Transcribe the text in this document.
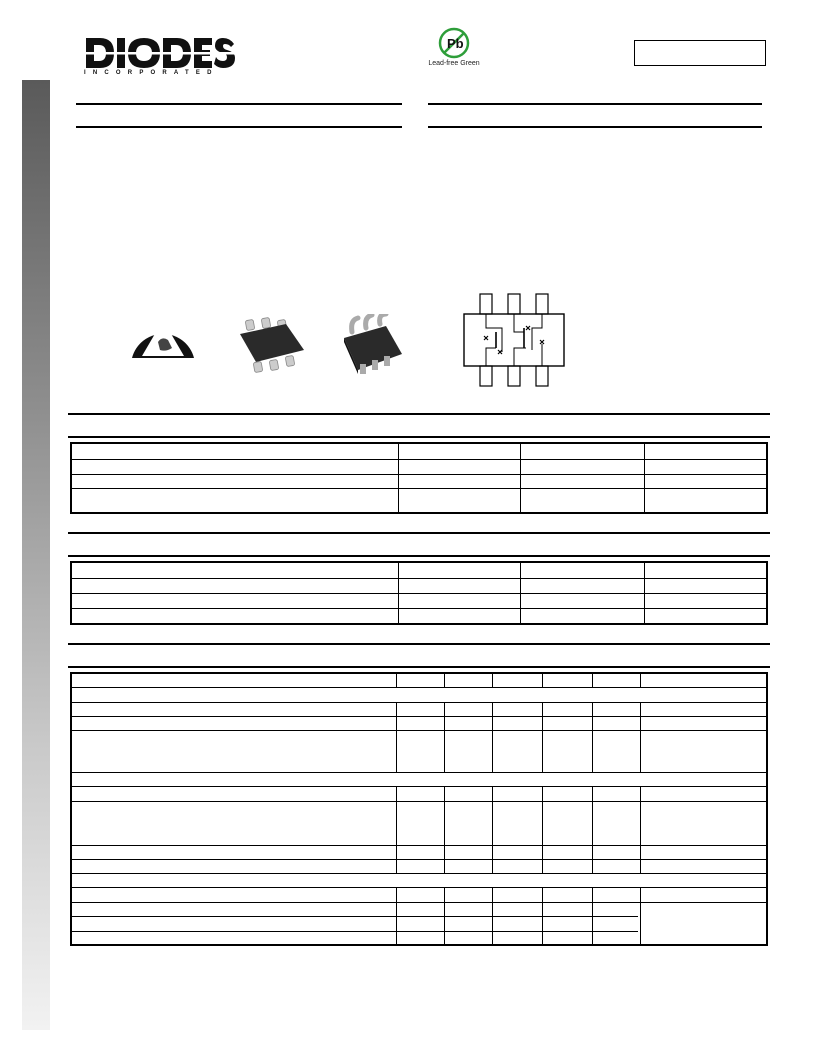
INCORPORATED
Pb
Lead-free Green
